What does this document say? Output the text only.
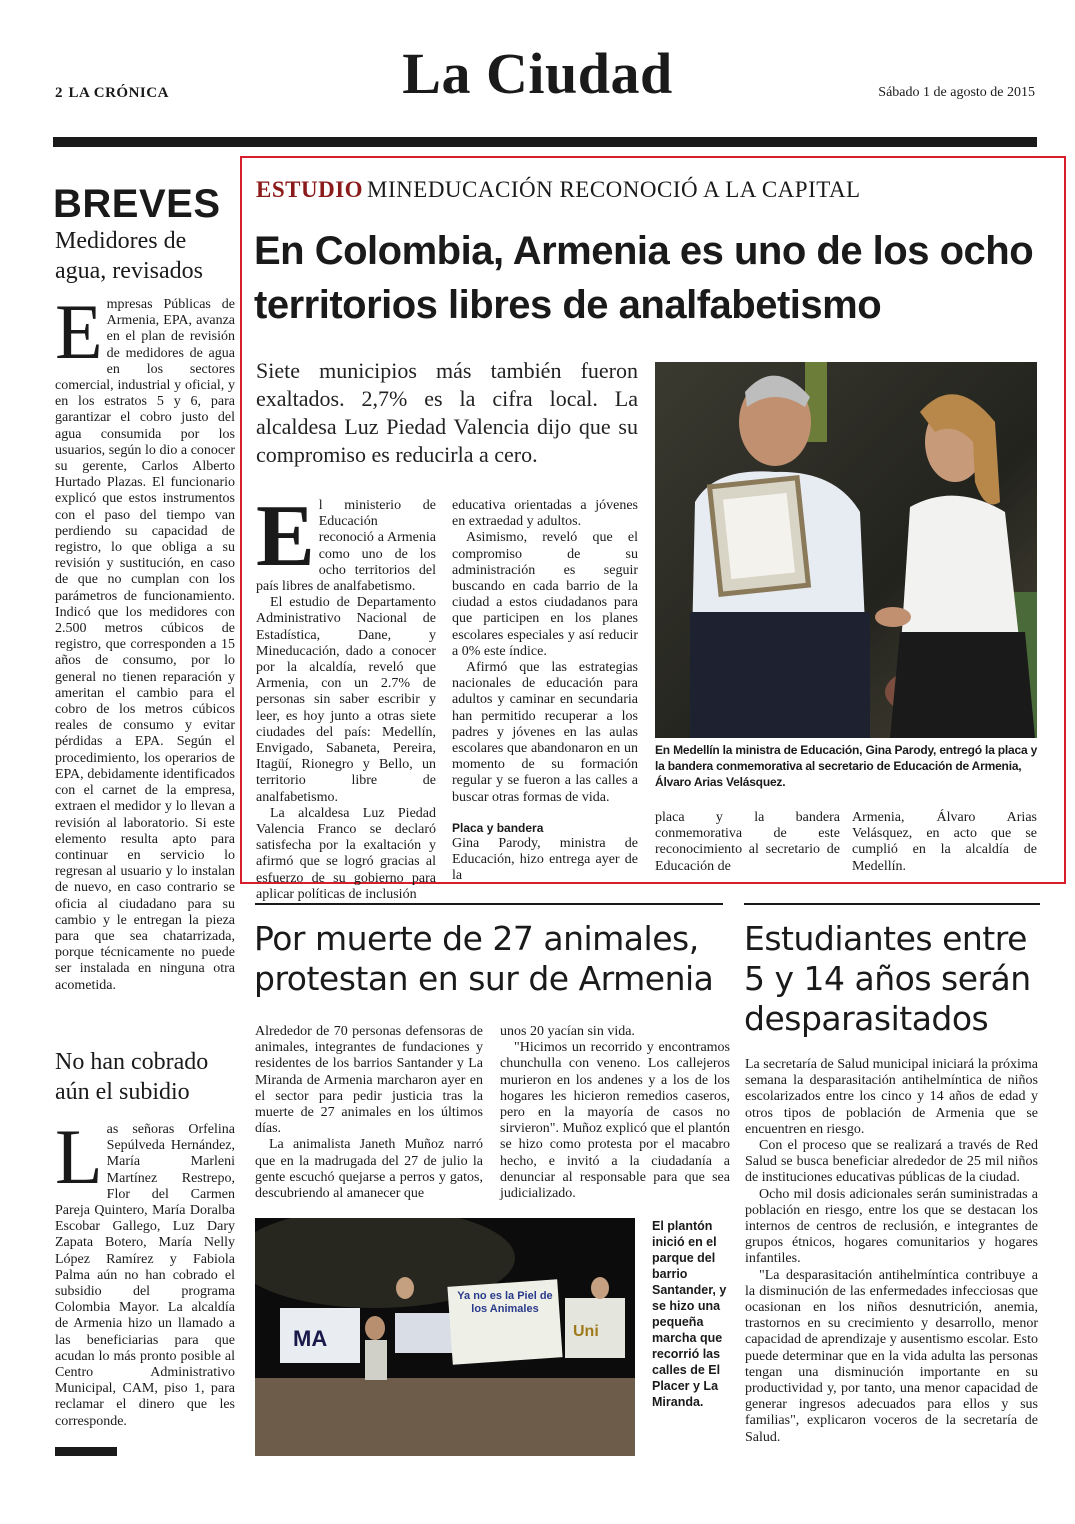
2 LA CRÓNICA	La Ciudad	Sábado 1 de agosto de 2015
BREVES
Medidores de agua, revisados
Empresas Públicas de Armenia, EPA, avanza en el plan de revisión de medidores de agua en los sectores comercial, industrial y oficial, y en los estratos 5 y 6, para garantizar el cobro justo del agua consumida por los usuarios, según lo dio a conocer su gerente, Carlos Alberto Hurtado Plazas. El funcionario explicó que estos instrumentos con el paso del tiempo van perdiendo su capacidad de registro, lo que obliga a su revisión y sustitución, en caso de que no cumplan con los parámetros de funcionamiento. Indicó que los medidores con 2.500 metros cúbicos de registro, que corresponden a 15 años de consumo, por lo general no tienen reparación y ameritan el cambio para el cobro de los metros cúbicos reales de consumo y evitar pérdidas a EPA. Según el procedimiento, los operarios de EPA, debidamente identificados con el carnet de la empresa, extraen el medidor y lo llevan a revisión al laboratorio. Si este elemento resulta apto para continuar en servicio lo regresan al usuario y lo instalan de nuevo, en caso contrario se oficia al ciudadano para su cambio y le entregan la pieza para que sea chatarrizada, porque técnicamente no puede ser instalada en ninguna otra acometida.
No han cobrado aún el subidio
Las señoras Orfelina Sepúlveda Hernández, María Marleni Martínez Restrepo, Flor del Carmen Pareja Quintero, María Doralba Escobar Gallego, Luz Dary Zapata Botero, María Nelly López Ramírez y Fabiola Palma aún no han cobrado el subsidio del programa Colombia Mayor. La alcaldía de Armenia hizo un llamado a las beneficiarias para que acudan lo más pronto posible al Centro Administrativo Municipal, CAM, piso 1, para reclamar el dinero que les corresponde.
ESTUDIO MINEDUCACIÓN RECONOCIÓ A LA CAPITAL
En Colombia, Armenia es uno de los ocho territorios libres de analfabetismo
Siete municipios más también fueron exaltados. 2,7% es la cifra local. La alcaldesa Luz Piedad Valencia dijo que su compromiso es reducirla a cero.
En Medellín la ministra de Educación, Gina Parody, entregó la placa y la bandera conmemorativa al secretario de Educación de Armenia, Álvaro Arias Velásquez.

El ministerio de Educación reconoció a Armenia como uno de los ocho territorios del país libres de analfabetismo.

El estudio de Departamento Administrativo Nacional de Estadística, Dane, y Mineducación, dado a conocer por la alcaldía, reveló que Armenia, con un 2.7% de personas sin saber escribir y leer, es hoy junto a otras siete ciudades del país: Medellín, Envigado, Sabaneta, Pereira, Itagüí, Rionegro y Bello, un territorio libre de analfabetismo.

La alcaldesa Luz Piedad Valencia Franco se declaró satisfecha por la exaltación y afirmó que se logró gracias al esfuerzo de su gobierno para aplicar políticas de inclusión

educativa orientadas a jóvenes en extraedad y adultos.

Asimismo, reveló que el compromiso de su administración es seguir buscando en cada barrio de la ciudad a estos ciudadanos para que participen en los planes escolares especiales y así reducir a 0% este índice.

Afirmó que las estrategias nacionales de educación para adultos y caminar en secundaria han permitido recuperar a los padres y jóvenes en las aulas escolares que abandonaron en un momento de su formación regular y se fueron a las calles a buscar otras formas de vida.

Placa y bandera

Gina Parody, ministra de Educación, hizo entrega ayer de la

placa y la bandera conmemorativa de este reconocimiento al secretario de Educación de
Armenia, Álvaro Arias Velásquez, en acto que se cumplió en la alcaldía de Medellín.
Por muerte de 27 animales, protestan en sur de Armenia

Alrededor de 70 personas defensoras de animales, integrantes de fundaciones y residentes de los barrios Santander y La Miranda de Armenia marcharon ayer en el sector para pedir justicia tras la muerte de 27 animales en los últimos días.

La animalista Janeth Muñoz narró que en la madrugada del 27 de julio la gente escuchó quejarse a perros y gatos, descubriendo al amanecer que

unos 20 yacían sin vida.

"Hicimos un recorrido y encontramos chunchulla con veneno. Los callejeros murieron en los andenes y a los de los hogares les hicieron remedios caseros, pero en la mayoría de casos no sirvieron". Muñoz explicó que el plantón se hizo como protesta por el macabro hecho, e invitó a la ciudadanía a denunciar al responsable para que sea judicializado.

MA
Ya no es la Piel de los Animales
Uni
El plantón inició en el parque del barrio Santander, y se hizo una pequeña marcha que recorrió las calles de El Placer y La Miranda.
Estudiantes entre 5 y 14 años serán desparasitados

La secretaría de Salud municipal iniciará la próxima semana la desparasitación antihelmíntica de niños escolarizados entre los cinco y 14 años de edad y otros tipos de población de Armenia que se encuentren en riesgo.

Con el proceso que se realizará a través de Red Salud se busca beneficiar alrededor de 25 mil niños de instituciones educativas públicas de la ciudad.

Ocho mil dosis adicionales serán suministradas a población en riesgo, entre los que se destacan los internos de centros de reclusión, e integrantes de grupos étnicos, hogares comunitarios y hogares infantiles.

"La desparasitación antihelmíntica contribuye a la disminución de las enfermedades infecciosas que ocasionan en los niños desnutrición, anemia, trastornos en su crecimiento y desarrollo, menor capacidad de aprendizaje y ausentismo escolar. Esto puede determinar que en la vida adulta las personas tengan una disminución importante en su productividad y, por tanto, una menor capacidad de generar ingresos adecuados para ellos y sus familias", explicaron voceros de la secretaría de Salud.
